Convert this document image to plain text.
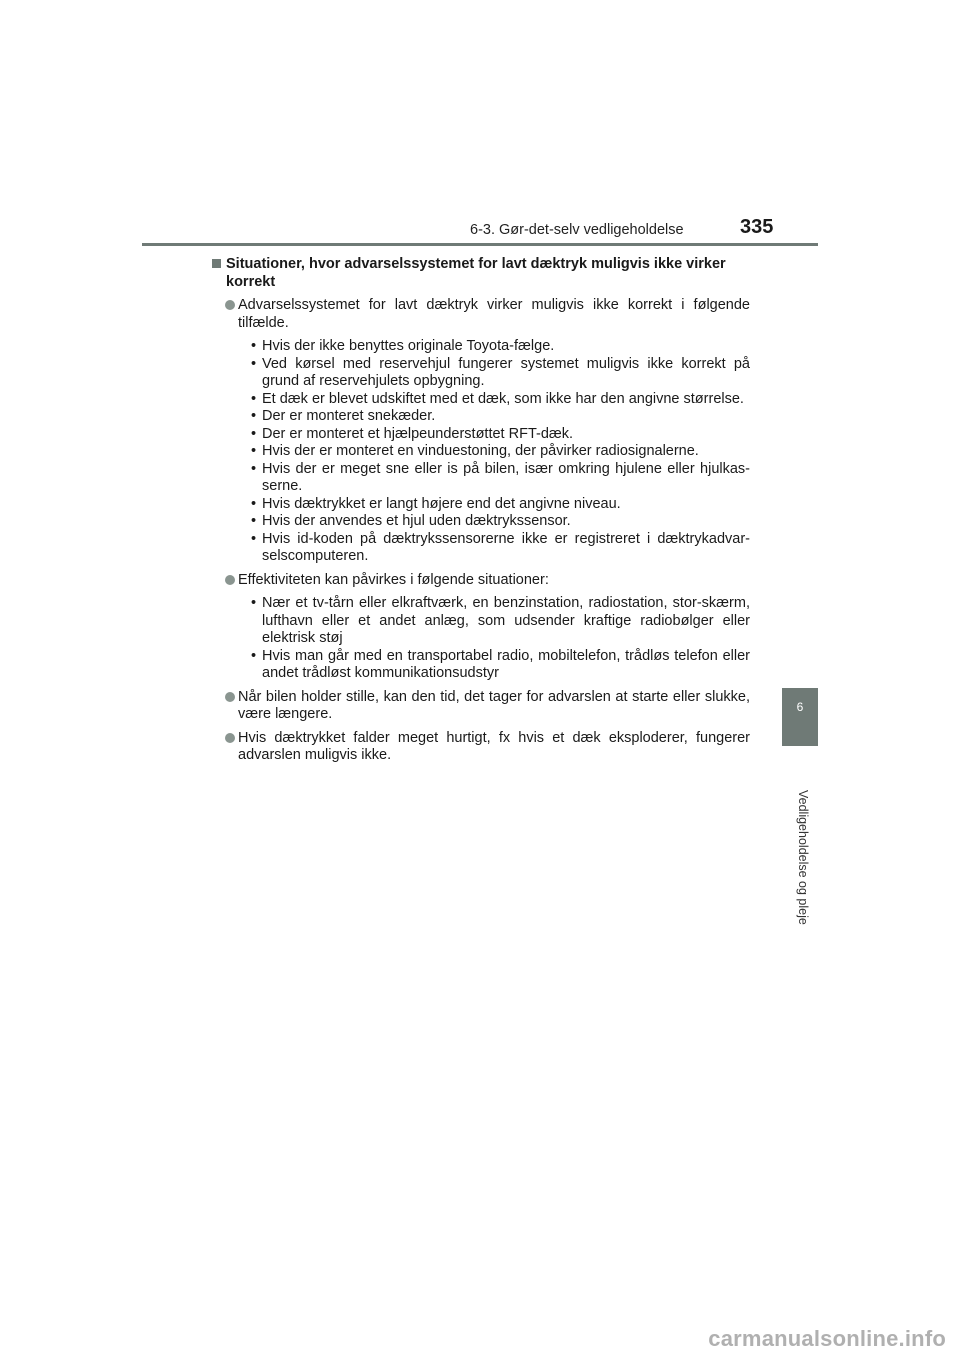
6-3. Gør-det-selv vedligeholdelse	335
6
Vedligeholdelse og pleje
Situationer, hvor advarselssystemet for lavt dæktryk muligvis ikke virker korrekt
Advarselssystemet for lavt dæktryk virker muligvis ikke korrekt i følgende tilfælde.
• Hvis der ikke benyttes originale Toyota-fælge.
• Ved kørsel med reservehjul fungerer systemet muligvis ikke korrekt på grund af reservehjulets opbygning.
• Et dæk er blevet udskiftet med et dæk, som ikke har den angivne størrelse.
• Der er monteret snekæder.
• Der er monteret et hjælpeunderstøttet RFT-dæk.
• Hvis der er monteret en vinduestoning, der påvirker radiosignalerne.
• Hvis der er meget sne eller is på bilen, især omkring hjulene eller hjulkas-serne.
• Hvis dæktrykket er langt højere end det angivne niveau.
• Hvis der anvendes et hjul uden dæktrykssensor.
• Hvis id-koden på dæktrykssensorerne ikke er registreret i dæktrykadvar-selscomputeren.
Effektiviteten kan påvirkes i følgende situationer:
• Nær et tv-tårn eller elkraftværk, en benzinstation, radiostation, stor-skærm, lufthavn eller et andet anlæg, som udsender kraftige radiobølger eller elektrisk støj
• Hvis man går med en transportabel radio, mobiltelefon, trådløs telefon eller andet trådløst kommunikationsudstyr
Når bilen holder stille, kan den tid, det tager for advarslen at starte eller slukke, være længere.
Hvis dæktrykket falder meget hurtigt, fx hvis et dæk eksploderer, fungerer advarslen muligvis ikke.
carmanualsonline.info
